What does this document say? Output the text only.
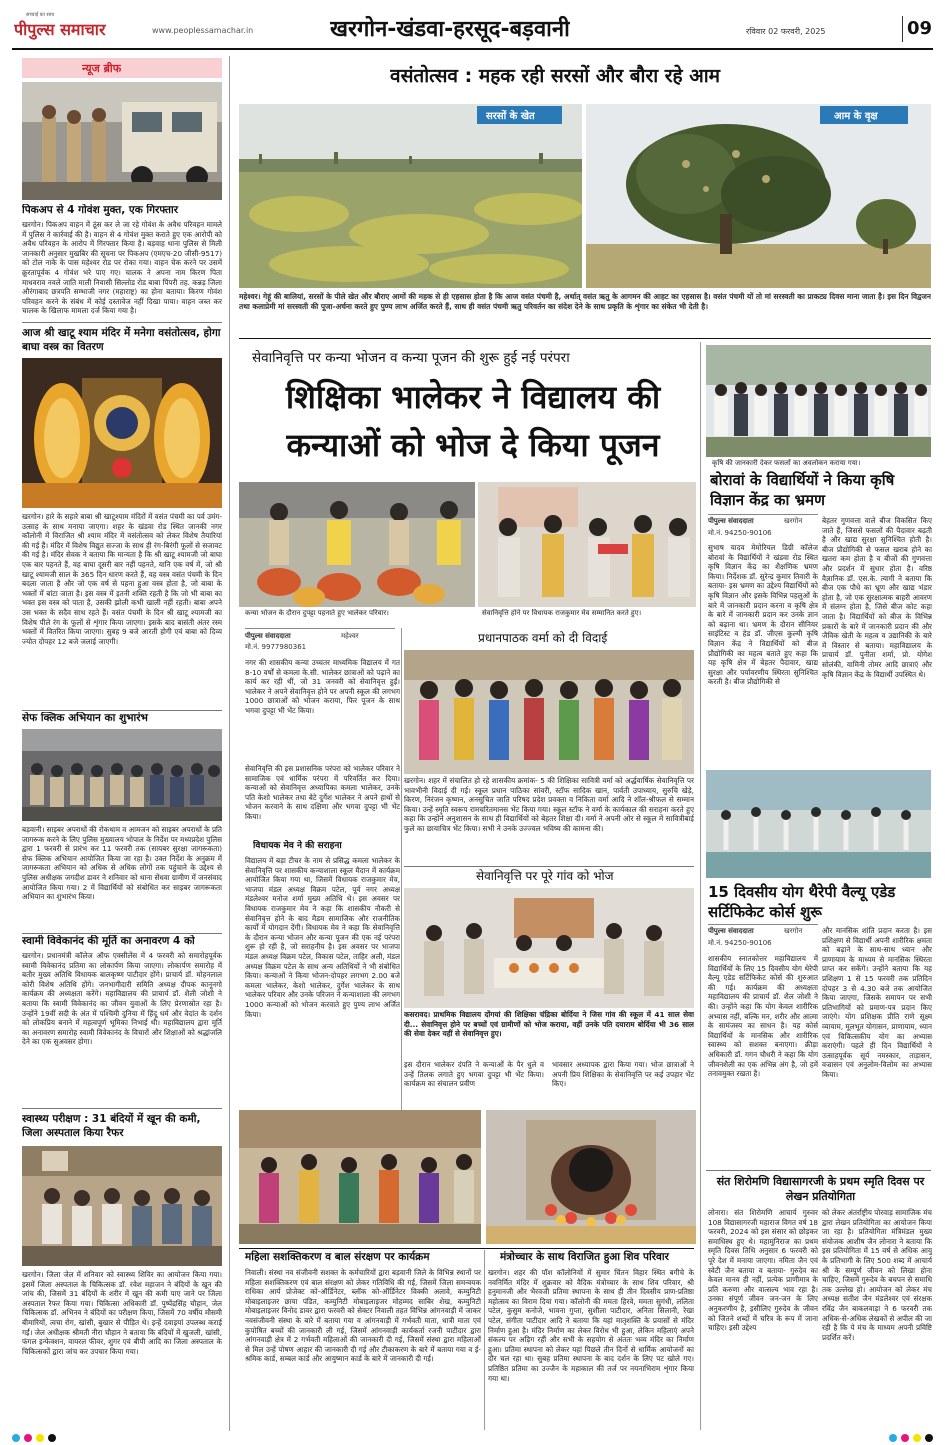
पीपुल्स समाचार
सच्चाई का साथ
www.peoplessamachar.in	खरगोन-खंडवा-हरसूद-बड़वानी	रविवार 02 फरवरी, 2025	09
न्यूज ब्रीफ
पिकअप से 4 गोवंश मुक्त, एक गिरफ्तार
खरगोन। पिकअप वाहन में ठूंस कर ले जा रहे गोवंश के अवैध परिवहन मामले में पुलिस ने कार्रवाई की है। वाहन से 4 गोवंश मुक्त कराते हुए एक आरोपी को अवैध परिवहन के आरोप में गिरफ्तार किया है। बड़वाह थाना पुलिस से मिली जानकारी अनुसार मुखबिर की सूचना पर पिकअप (एमएच-20 जीसी-9517) को टोल नाके के पास महेश्वर रोड पर रोका गया। वाहन चेक करने पर उसमें क्रूरतापूर्वक 4 गोवंश भरे पाए गए। चालक ने अपना नाम किरण पिता माधवराव नवले जाति माली निवासी सिल्लोड रोड बाबा पिंपरी तह. कन्नड़ जिला औरंगाबाद छत्रपति सम्भाजी नगर (महाराष्ट्र) का होना बताया। किरण गोवंश परिवहन करने के संबंध में कोई दस्तावेज नहीं दिखा पाया। वाहन जब्त कर चालक के खिलाफ मामला दर्ज किया गया है।
आज श्री खाटू श्याम मंदिर में मनेगा वसंतोत्सव, होगा बाघा वस्त्र का वितरण
खरगोन। हारे के सहारे बाबा श्री खाटूश्याम मंदिरों में वसंत पंचमी का पर्व उमंग-उत्साह के साथ मनाया जाएगा। शहर के खंडवा रोड स्थित जानकी नगर कॉलोनी में विराजित श्री श्याम मंदिर में वसंतोत्सव को लेकर विशेष तैयारियां की गई हैं। मंदिर में विशेष विद्युत सज्जा के साथ ही रंग-बिरंगी फूलों से सजावट की गई है। मंदिर सेवक ने बताया कि मान्यता है कि श्री खाटू श्यामजी जो बाघा एक बार पहनते हैं, वह बाघा दूसरी बार नहीं पहनते, यानि एक वर्ष में, जो श्री खाटू श्यामजी साल के 365 दिन धारण करते हैं, वह वस्त्र वसंत पंचमी के दिन बदला जाता है और जो एक वर्ष से पहना हुआ वस्त्र होता है, जो बाबा के भक्तों में बांटा जाता है। इस वस्त्र में इतनी शक्ति रहती है कि जो भी बाबा का भक्त इस वस्त्र को पाता है, उसकी झोली कभी खाली नहीं रहती। बाबा अपने उस भक्त के सदैव साथ रहते हैं। वसंत पंचमी के दिन श्री खाटू श्यामजी का विशेष पीले रंग के फूलों से शृंगार किया जाएगा। इसके बाद बासंती अंतर रस्म भक्तों में वितरित किया जाएगा। सुबह 9 बजे आरती होगी एवं बाबा को दिव्य ज्योत दोपहर 12 बजे जलाई जाएगी।
सेफ क्लिक अभियान का शुभारंभ
बड़वानी। साइबर अपराधों की रोकथाम व आमजन को साइबर अपराधों के प्रति जागरूक करने के लिए पुलिस मुख्यालय भोपाल के निर्देश पर मध्यप्रदेश पुलिस द्वारा 1 फरवरी से प्रारंभ कर 11 फरवरी तक (सायबर सुरक्षा जागरूकता) सेफ क्लिक अभियान आयोजित किया जा रहा है। उक्त निर्देश के अनुक्रम में जागरूकता अभियान को अधिक से अधिक लोगों तक पहुंचाने के उद्देश्य से पुलिस अधीक्षक जगदीश डावर ने शनिवार को थाना सेंधवा ग्रामीण में जनसंवाद आयोजित किया गया। 2 में विद्यार्थियों को संबोधित कर साइबर जागरूकता अभियान का शुभारंभ किया।
स्वामी विवेकानंद की मूर्ति का अनावरण 4 को
खरगोन। प्रधानमंत्री कॉलेज ऑफ एक्सीलेंस में 4 फरवरी को समारोहपूर्वक स्वामी विवेकानंद प्रतिमा का लोकार्पण किया जाएगा। लोकार्पण समारोह में बतौर मुख्य अतिथि विधायक बालकृष्ण पाटीदार होंगे। प्राचार्य डॉ. मोहनलाल कोरी विशेष अतिथि होंगे। जनभागीदारी समिति अध्यक्ष दीपक कानूनगो कार्यक्रम की अध्यक्षता करेंगे। महाविद्यालय की प्राचार्य डॉ. शैली जोशी ने बताया कि स्वामी विवेकानंद का जीवन युवाओं के लिए प्रेरणास्रोत रहा है। उन्होंने 19वीं सदी के अंत में पश्चिमी दुनिया में हिंदू धर्म और वेदांत के दर्शन को लोकप्रिय बनाने में महत्वपूर्ण भूमिका निभाई थी। महाविद्यालय द्वारा मूर्ति का अनावरण समारोह स्वामी विवेकानंद के विचारों और शिक्षाओं को श्रद्धांजलि देने का एक सुअवसर होगा।
स्वास्थ्य परीक्षण : 31 बंदियों में खून की कमी, जिला अस्पताल किया रैफर
खरगोन। जिला जेल में शनिवार को स्वास्थ्य शिविर का आयोजन किया गया। इसमें जिला अस्पताल के चिकित्सक डॉ. रवेश महाजन ने बंदियों के खून की जांच की, जिसमें 31 बंदियों के शरीर में खून की कमी पाए जाने पर जिला अस्पताल रैफर किया गया। चिकित्सा अधिकारी डॉ. पुष्पेंद्रसिंह चौहान, जेल चिकित्सक डॉ. अभिनव ने बंदियों का परीक्षण किया, जिसमें 70 वर्षीय मौसमी बीमारियों, त्वचा रोग, खांसी, बुखार से पीड़ित थे। इन्हें दवाइयां उपलब्ध कराई गईं। जेल अधीक्षक श्रीमती नीरा चौहान ने बताया कि बंदियों में खुजली, खांसी, फंगल इन्फेक्शन, वायरल फीवर, शुगर एवं बीपी आदि का जिला अस्पताल के चिकित्सकों द्वारा जांच कर उपचार किया गया।
वसंतोत्सव : महक रही सरसों और बौरा रहे आम
सरसों के खेत	आम के वृक्ष
महेश्वर। गेहूं की बालियां, सरसों के पीले खेत और बौराए आमों की महक से ही एहसास होता है कि आज वसंत पंचमी है, अर्थात् वसंत ऋतु के आगमन की आहट का एहसास है। वसंत पंचमी यों तो मां सरस्वती का प्राकट्य दिवस माना जाता है। इस दिन विद्वजन तथा कलाप्रेमी मां सरस्वती की पूजा-अर्चना करते हुए पुण्य लाभ अर्जित करते हैं, साथ ही वसंत पंचमी ऋतु परिवर्तन का संदेश देने के साथ प्रकृति के शृंगार का संकेत भी देती है।
सेवानिवृत्ति पर कन्या भोजन व कन्या पूजन की शुरू हुई नई परंपरा
शिक्षिका भालेकर ने विद्यालय की
कन्याओं को भोज दे किया पूजन
कन्या भोजन के दौरान दुपट्टा पहनाते हुए भालेकर परिवार।	सेवानिवृत्ति होने पर विधायक राजकुमार मेव सम्मानित करते हुए।
पीपुल्स संवाददाता	महेश्वर
मो.नं. 9977980361
नगर की शासकीय कन्या उच्चतर माध्यमिक विद्यालय में गत 8-10 वर्षों से कमला के.सी. भालेकर छात्राओं को पढ़ाने का कार्य कर रही थीं, जो 31 जनवरी को सेवानिवृत्त हुईं। भालेकर ने अपने सेवानिवृत्त होने पर अपनी स्कूल की लगभग 1000 छात्राओं को भोजन कराया, फिर पूजन के साथ भगवा दुपट्टा भी भेंट किया।
सेवानिवृत्ति की इस प्रशासनिक परंपरा को भालेकर परिवार ने सामाजिक एवं धार्मिक परंपरा में परिवर्तित कर दिया। कन्याओं को सेवानिवृत्त अध्यापिका कमला भालेकर, उनके पति केशो भालेकर तथा बेटे दुर्गेश भालेकर ने अपने हाथों से भोजन करवाने के साथ दक्षिणा और भगवा दुपट्टा भी भेंट किया।
विधायक मेव ने की सराहना
विद्यालय में बड़ा टीचर के नाम से प्रसिद्ध कमला भालेकर के सेवानिवृत्ति पर शासकीय कन्याशाला स्कूल मैदान में कार्यक्रम आयोजित किया गया था, जिसमें विधायक राजकुमार मेव, भाजपा मंडल अध्यक्ष विक्रम पटेल, पूर्व नगर अध्यक्ष मंडलेश्वर मनोज शर्मा मुख्य अतिथि थे। इस अवसर पर विधायक राजकुमार मेव ने कहा कि शासकीय नौकरी से सेवानिवृत्त होने के बाद मैडम सामाजिक और राजनीतिक कार्यों में योगदान देंगी। विधायक मेव ने कहा कि सेवानिवृत्ति के दौरान कन्या भोजन और कन्या पूजन की एक नई परंपरा शुरू हो रही है, जो सराहनीय है। इस अवसर पर भाजपा मंडल अध्यक्ष विक्रम पटेल, विकास पटेल, ताहिर अली, मंडल अध्यक्ष विक्रम पटेल के साथ अन्य अतिथियों ने भी संबोधित किया। कन्याओं ने किया भोजन-दोपहर लगभग 2.00 बजे कमला भालेकर, केशो भालेकर, दुर्गेश भालेकर के साथ भालेकर परिवार और उनके परिजन ने कन्याशाला की लगभग 1000 कन्याओं को भोजन करवाते हुए पुण्य लाभ अर्जित किया।
प्रधानपाठक वर्मा को दी विदाई
खरगोन। शहर में संचालित हो रहे शासकीय क्रमांक- 5 की शिक्षिका सावित्री वर्मा को अर्द्धवार्षिक सेवानिवृत्ति पर भावभीनी विदाई दी गई। स्कूल प्रधान पाठिका सांवरी, स्टॉफ सादिक खान, पार्वती उपाध्याय, सुरुचि खेड़े, किरण, निरंजन कृष्णन, अनसूचित जाति परिषद प्रदेश प्रवक्ता व निकिता वर्मा आदि ने शॉल-श्रीफल से सम्मान किया। उन्हें स्मृति स्वरूप रामचरितमानस भेंट किया गया। स्कूल स्टॉफ ने वर्मा के कार्यकाल की सराहना करते हुए कहा कि उन्होंने अनुशासन के साथ ही विद्यार्थियों को बेहतर शिक्षा दी। वर्मा ने अपनी ओर से स्कूल में सावित्रीबाई फुले का छायाचित्र भेंट किया। सभी ने उनके उज्ज्वल भविष्य की कामना की।
सेवानिवृत्ति पर पूरे गांव को भोज
कसरावद। प्राथमिक विद्यालय दोंगयां की शिक्षिका चंद्रिका बोर्दिया ने जिस गांव की स्कूल में 41 साल सेवा दी... सेवानिवृत्त होने पर बच्चों एवं ग्रामीणों को भोज कराया, वहीं उनके पति दयाराम बोर्दिया भी 36 साल की सेवा देकर यहीं से सेवानिवृत्त हुए।
इस दौरान भालेकर दंपति ने कन्याओं के पैर धुले व उन्हें तिलक लगाते हुए भगवा दुपट्टा भी भेंट किया। कार्यक्रम का संचालन प्रवीण
भावसार अध्यापक द्वारा किया गया। भोज छात्राओं ने अपनी प्रिय शिक्षिका के सेवानिवृत्ति पर कई उपहार भेंट किए।
महिला सशक्तिकरण व बाल संरक्षण पर कार्यक्रम
निवाली। संस्था नव संजीवनी सशक्त के कर्मचारियों द्वारा बड़वानी जिले के विभिन्न स्थानों पर महिला सशक्तिकरण एवं बाल संरक्षण को लेकर गतिविधि की गई, जिसमें जिला समन्वयक राधिका आर्य प्रोजेक्ट को-ऑर्डिनेटर, ब्लॉक को-ऑर्डिनेटर विक्की अलावे, कम्युनिटी मोबाइलाइजर छाया पंडित, कम्युनिटी मोबाइलाइजर मोहम्मद साबिर शेख, कम्युनिटी मोबाइलाइजर विनोद डावर द्वारा फरवरी को सेक्टर निवाली तहत विभिन्न आंगनवाड़ी में जाकर नवसंजीवनी संस्था के बारे में बताया गया व आंगनवाड़ी में गर्भवती माता, धात्री माता एवं कुपोषित बच्चों की जानकारी ली गई, जिसमें आंगनवाड़ी कार्यकर्ता रजनी पाटीदार द्वारा आंगनवाड़ी क्षेत्र में 2 गर्भवती महिलाओं की जानकारी दी गई, जिसमें संस्था द्वारा महिलाओं से मिल उन्हें पोषण आहार की जानकारी दी गई और टीकाकरण के बारे में बताया गया व ई-श्रमिक कार्ड, सम्बल कार्ड और आयुष्मान कार्ड के बारे में जानकारी दी गई।
मंत्रोच्चार के साथ विराजित हुआ शिव परिवार
खरगोन। शहर की पॉश कॉलोनियों में सुमार चिंतन विहार स्थित बगीचे के नवनिर्मित मंदिर में शुक्रवार को वैदिक मंत्रोच्चार के साथ शिव परिवार, श्री हनुमानजी और भैरवजी प्रतिमा स्थापना के साथ ही तीन दिवसीय प्राण-प्रतिष्ठा महोत्सव का विराम दिया गया। कॉलोनी की ममता हिरवे, ममता सुगंधी, ललिता पटेल, कुसुम कनोजे, भावना गुप्ता, सुशीला पाटीदार, अनिता सिलानी, रेखा पटेल, संगीता पाटीदार आदि ने बताया कि यहां मातृशक्ति के प्रयासों से मंदिर निर्माण हुआ है। मंदिर निर्माण का लेकर विरोध भी हुआ, लेकिन महिलाएं अपने संकल्प पर अड़िग रहीं और सभी के सहयोग से अंततः भव्य मंदिर का निर्माण हुआ। प्रतिमा स्थापना को लेकर यहां पिछले तीन दिनों से धार्मिक आयोजनों का दौर चल रहा था। सुबह प्रतिमा स्थापना के बाद दर्शन के लिए पट खोले गए। प्रतिष्ठित प्रतिमा का उज्जैन के महाकाल की तर्ज पर नयनाभिराम शृंगार किया गया था।
कृषि की जानकारी देकर फसलों का अवलोकन कराया गया।
बोरावां के विद्यार्थियों ने किया कृषि विज्ञान केंद्र का भ्रमण
पीपुल्स संवाददाता	खरगोन
मो.नं. 94250-90106
सुभाष यादव मेमोरियल डिग्री कॉलेज बोरावां के विद्यार्थियों ने खंडवा रोड स्थित कृषि विज्ञान केंद्र का शैक्षणिक भ्रमण किया। निर्देशक डॉ. सुरेन्द्र कुमार तिवारी के बताया- इस भ्रमण का उद्देश्य विद्यार्थियों को कृषि विज्ञान और इसके विभिन्न पहलुओं के बारे में जानकारी प्रदान करना व कृषि क्षेत्र के बारे में जानकारी प्रदान कर उनके ज्ञान को बढ़ाना था। भ्रमण के दौरान सीनियर साइंटिस्ट व हेड डॉ. जीएस कुल्मी कृषि विज्ञान केंद्र ने विद्यार्थियों को बीज प्रौद्योगिकी का महत्व बताते हुए कहा कि यह कृषि क्षेत्र में बेहतर पैदावार, खाद्य सुरक्षा और पर्यावरणीय स्थिरता सुनिश्चित करती है। बीज प्रौद्योगिकी से
बेहतर गुणवत्ता वाले बीज विकसित किए जाते हैं, जिससे फसलों की पैदावार बढ़ती है और खाद्य सुरक्षा सुनिश्चित होती है। बीज प्रौद्योगिकी से फसल खराब होने का खतरा कम होता है व बीजों की गुणवत्ता और प्रदर्शन में सुधार होता है। वरिष्ठ वैज्ञानिक डॉ. एस.के. त्यागी ने बताया कि बीज एक पौधे का भ्रूण और खाद्य भंडार होता है, जो एक सुरक्षात्मक बाहरी आवरण में संलग्न होता है, जिसे बीज कोट कहा जाता है। विद्यार्थियों को बीज के विभिन्न प्रकारों के बारे में जानकारी प्रदान की और जैविक खेती के महत्व व उद्यानिकी के बारे में विस्तार से बताया। महाविद्यालय के प्राचार्य डॉ. पुनीता शर्मा, प्रो. योगेश सोलंकी, यामिनी तोमर आदि छात्राएं और कृषि विज्ञान केंद्र के विद्यार्थी उपस्थित थे।
15 दिवसीय योग थैरेपी वैल्यू एडेड सर्टिफिकेट कोर्स शुरू
पीपुल्स संवाददाता	खरगोन
मो.नं. 94250-90106
शासकीय स्नातकोत्तर महाविद्यालय में विद्यार्थियों के लिए 15 दिवसीय योग थेरेपी वैल्यू एडेड सर्टिफिकेट कोर्स की शुरुआत की गई। कार्यक्रम की अध्यक्षता महाविद्यालय की प्राचार्य डॉ. शैल जोशी ने की। उन्होंने कहा कि योग केवल शारीरिक अभ्यास नहीं, बल्कि मन, शरीर और आत्मा के सामंजस्य का साधन है। यह कोर्स विद्यार्थियों के मानसिक और शारीरिक स्वास्थ्य को सशक्त बनाएगा। क्रीड़ा अधिकारी डॉ. गगन चौधरी ने कहा कि योग जीवनशैली का एक अभिन्न अंग है, जो हमें तनावमुक्त रखता है।
और मानसिक शांति प्रदान करता है। इस प्रशिक्षण से विद्यार्थी अपनी शारीरिक क्षमता को बढ़ाने के साथ-साथ ध्यान और प्राणायाम के माध्यम से मानसिक स्थिरता प्राप्त कर सकेंगे। उन्होंने बताया कि यह प्रशिक्षण 1 से 15 फरवरी तक प्रतिदिन दोपहर 3 से 4.30 बजे तक आयोजित किया जाएगा, जिसके समापन पर सभी प्रतिभागियों को प्रमाण-पत्र प्रदान किए जाएंगे। योग प्रशिक्षक प्रीति राणे सूक्ष्म व्यायाम, मूलभूत योगासन, प्राणायाम, ध्यान एवं चिकित्सकीय योग का अभ्यास कराएंगी। पहले ही दिन विद्यार्थियों ने उत्साहपूर्वक सूर्य नमस्कार, ताड़ासन, वज्रासन एवं अनुलोम-विलोम का अभ्यास किया।
संत शिरोमणि विद्यासागरजी के प्रथम स्मृति दिवस पर लेखन प्रतियोगिता
लोनारा। संत शिरोमणि आचार्य गुरुवर 108 विद्यासागरजी महाराज विगत वर्ष 18 फरवरी, 2024 को इस संसार को छोड़कर समाधिस्थ हुए थे। महामुनिराज का प्रथम स्मृति दिवस तिथि अनुसार 6 फरवरी को पूरे देश में मनाया जाएगा। नमिता जैन एवं स्वेटी जैन बताया व बताया- गुरुदेव का केवल मानव ही नहीं, प्रत्येक प्राणीमात्र के प्रति करुणा और वात्सल्य भाव रहा है। उनका संपूर्ण जीवन जन-जन के लिए अनुकरणीय है, इसीलिए गुरुदेव के जीवन को जितने शब्दों में चरित्र के रूप में जाना चाहिए। इसी उद्देश्य
को लेकर अंतर्राष्ट्रीय पोरवाड़ सामाजिक मंच द्वारा लेखन प्रतियोगिता का आयोजन किया जा रहा है। प्रतियोगिता मंत्रिमंडल मुख्य संयोजक आशीष जैन लोनारा ने बताया कि इस प्रतियोगिता में 15 वर्ष से अधिक आयु के प्रतिभागी के लिए 500 शब्द में आचार्य श्री के सम्पूर्ण जीवन को लिखा होना चाहिए, जिसमें गुरुदेव के बचपन से समाधि तक उल्लेख हो। आयोजन को लेकर मंच अध्यक्ष सतीश जैन मंडलेश्वर एवं संरक्षक रविंद्र जैन बाकलवाड़ा ने 6 फरवरी तक अधिक-से-अधिक लेखकों से अपील की जा रही है कि ये मंच के माध्यम अपनी प्रविष्टि प्रदर्शित करें।
